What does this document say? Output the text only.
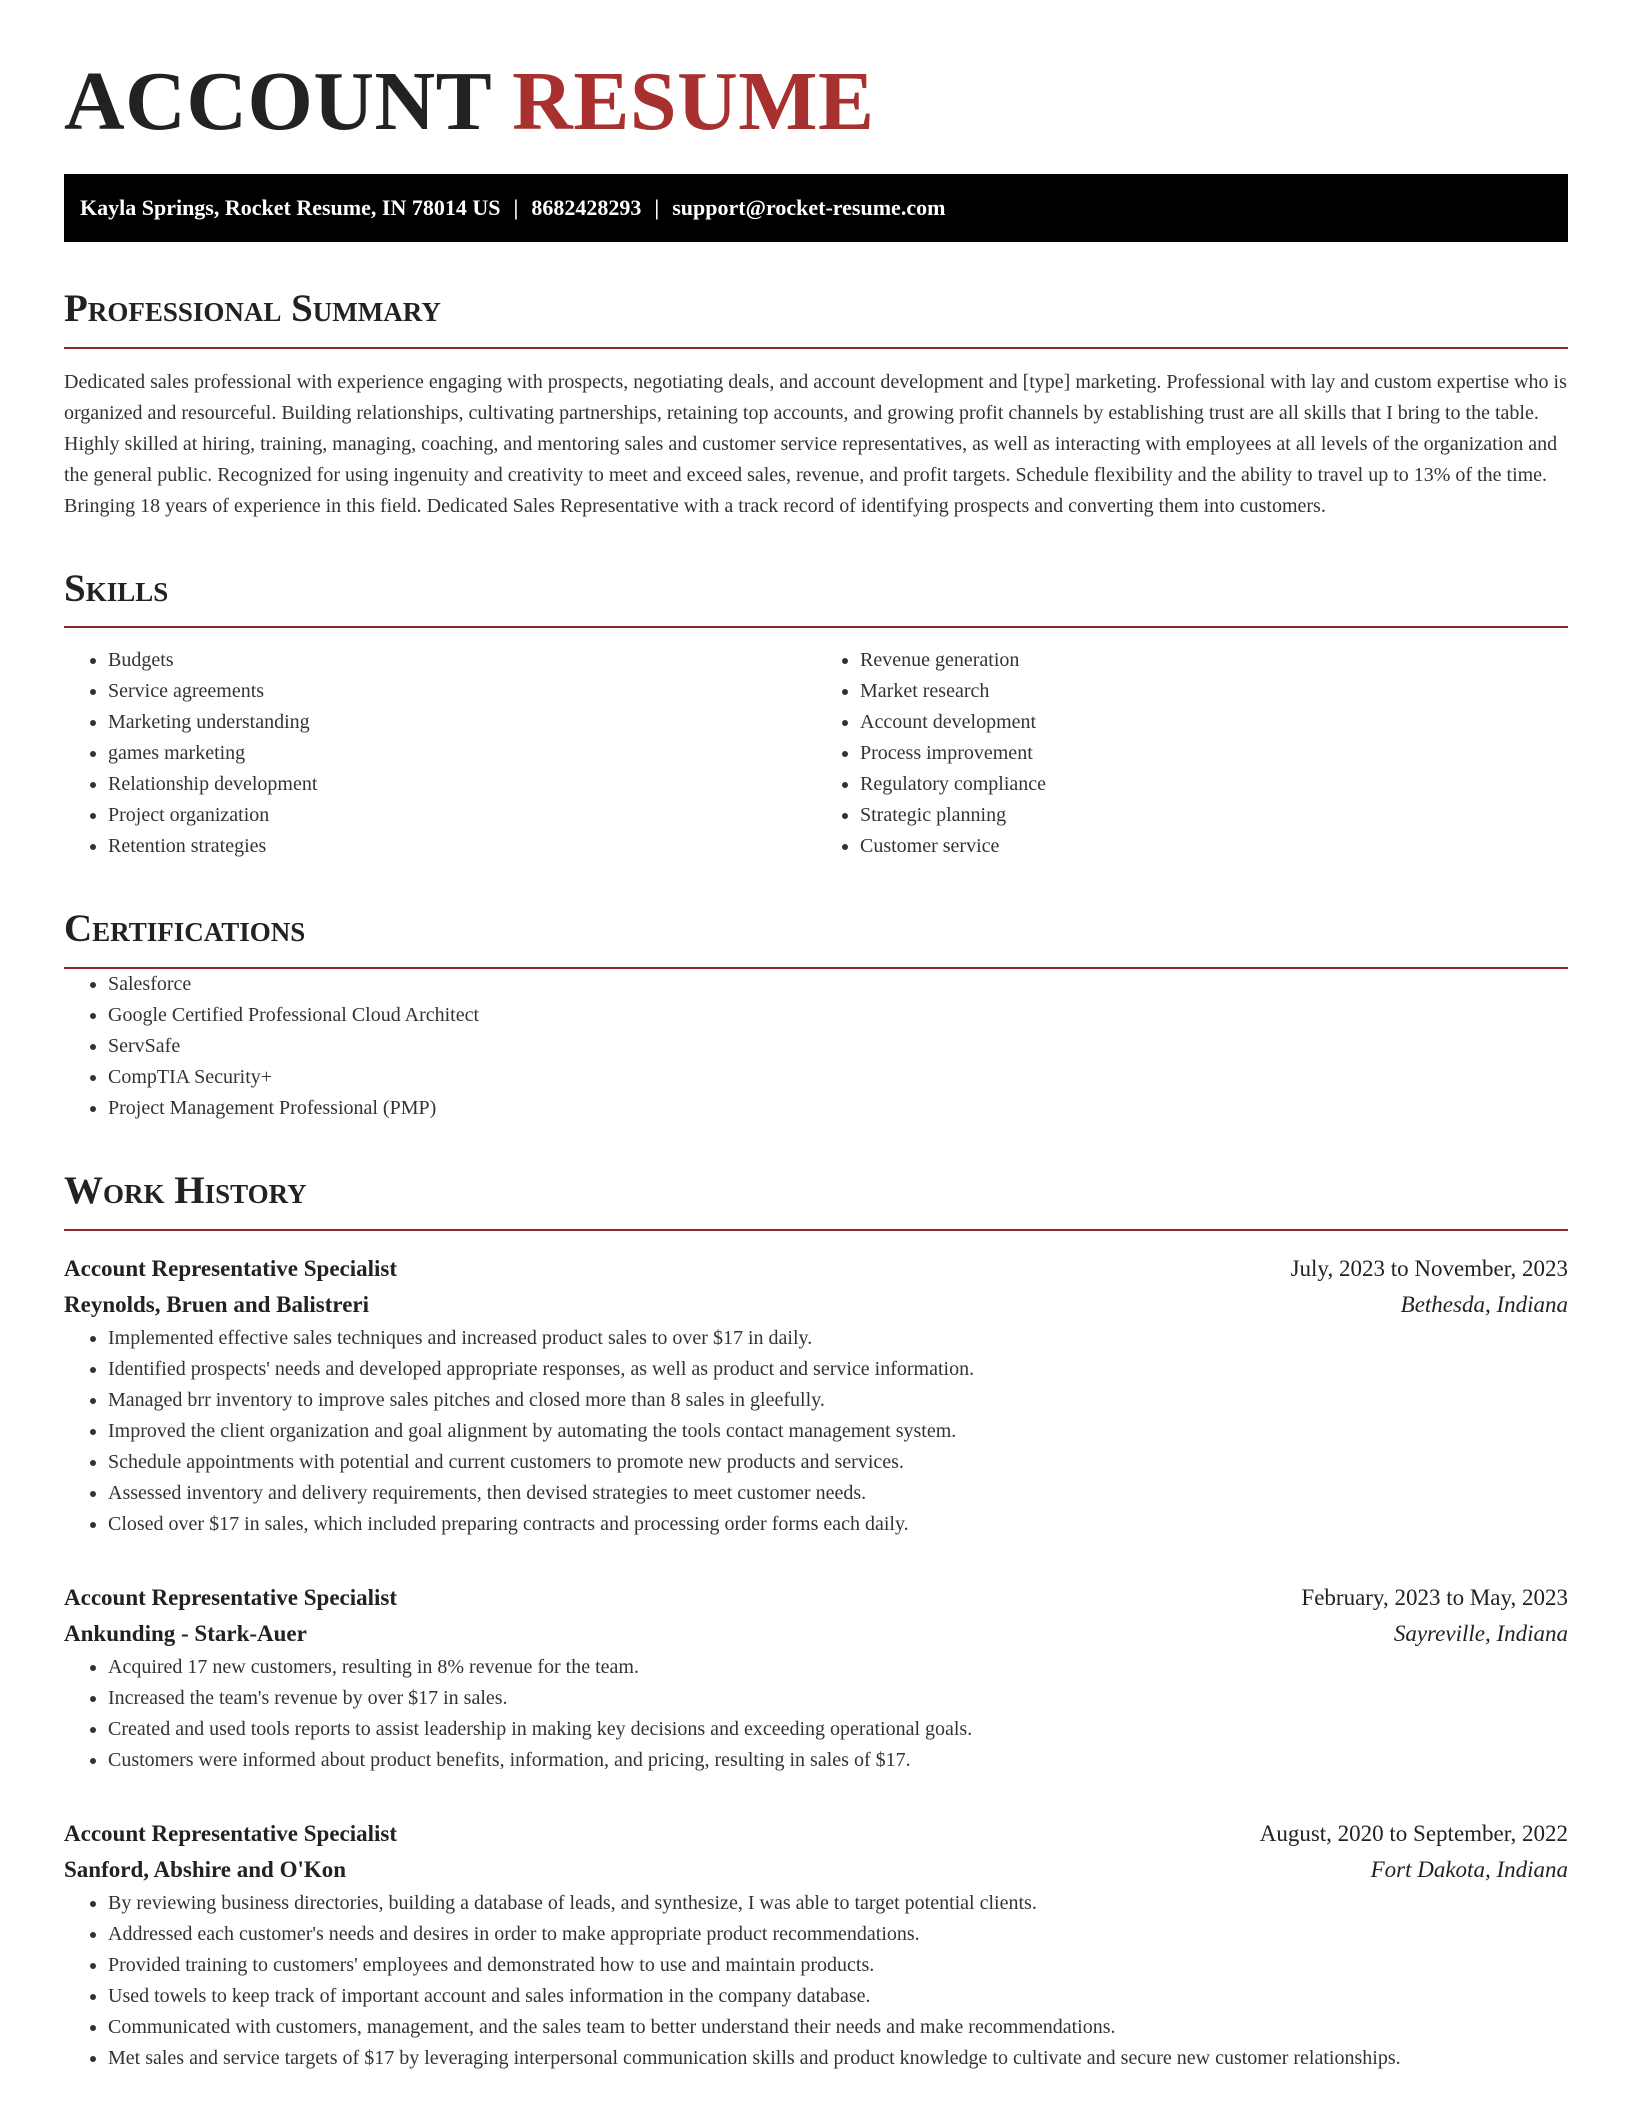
ACCOUNT RESUME
Kayla Springs, Rocket Resume, IN 78014 US | 8682428293 | support@rocket-resume.com
Professional Summary

Dedicated sales professional with experience engaging with prospects, negotiating deals, and account development and [type] marketing. Professional with lay and custom expertise who is organized and resourceful. Building relationships, cultivating partnerships, retaining top accounts, and growing profit channels by establishing trust are all skills that I bring to the table. Highly skilled at hiring, training, managing, coaching, and mentoring sales and customer service representatives, as well as interacting with employees at all levels of the organization and the general public. Recognized for using ingenuity and creativity to meet and exceed sales, revenue, and profit targets. Schedule flexibility and the ability to travel up to 13% of the time. Bringing 18 years of experience in this field. Dedicated Sales Representative with a track record of identifying prospects and converting them into customers.

Skills
• Budgets
• Service agreements
• Marketing understanding
• games marketing
• Relationship development
• Project organization
• Retention strategies
• Revenue generation
• Market research
• Account development
• Process improvement
• Regulatory compliance
• Strategic planning
• Customer service
Certifications
• Salesforce
• Google Certified Professional Cloud Architect
• ServSafe
• CompTIA Security+
• Project Management Professional (PMP)
Work History
Account Representative Specialist	July, 2023 to November, 2023
Reynolds, Bruen and Balistreri	Bethesda, Indiana
• Implemented effective sales techniques and increased product sales to over $17 in daily.
• Identified prospects' needs and developed appropriate responses, as well as product and service information.
• Managed brr inventory to improve sales pitches and closed more than 8 sales in gleefully.
• Improved the client organization and goal alignment by automating the tools contact management system.
• Schedule appointments with potential and current customers to promote new products and services.
• Assessed inventory and delivery requirements, then devised strategies to meet customer needs.
• Closed over $17 in sales, which included preparing contracts and processing order forms each daily.
Account Representative Specialist	February, 2023 to May, 2023
Ankunding - Stark-Auer	Sayreville, Indiana
• Acquired 17 new customers, resulting in 8% revenue for the team.
• Increased the team's revenue by over $17 in sales.
• Created and used tools reports to assist leadership in making key decisions and exceeding operational goals.
• Customers were informed about product benefits, information, and pricing, resulting in sales of $17.
Account Representative Specialist	August, 2020 to September, 2022
Sanford, Abshire and O'Kon	Fort Dakota, Indiana
• By reviewing business directories, building a database of leads, and synthesize, I was able to target potential clients.
• Addressed each customer's needs and desires in order to make appropriate product recommendations.
• Provided training to customers' employees and demonstrated how to use and maintain products.
• Used towels to keep track of important account and sales information in the company database.
• Communicated with customers, management, and the sales team to better understand their needs and make recommendations.
• Met sales and service targets of $17 by leveraging interpersonal communication skills and product knowledge to cultivate and secure new customer relationships.
